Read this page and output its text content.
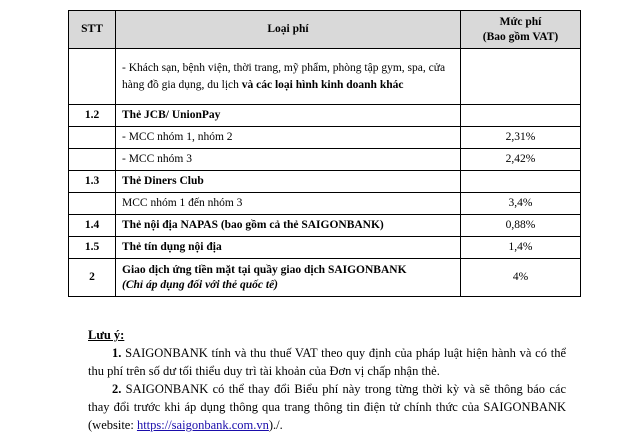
STT	Loại phí	Mức phí
(Bao gồm VAT)

	- Khách sạn, bệnh viện, thời trang, mỹ phẩm, phòng tập gym, spa, cửa hàng đồ gia dụng, du lịch và các loại hình kinh doanh khác	
1.2	Thẻ JCB/ UnionPay	
	- MCC nhóm 1, nhóm 2	2,31%
	- MCC nhóm 3	2,42%
1.3	Thẻ Diners Club	
	MCC nhóm 1 đến nhóm 3	3,4%
1.4	Thẻ nội địa NAPAS (bao gồm cả thẻ SAIGONBANK)	0,88%
1.5	Thẻ tín dụng nội địa	1,4%
2	Giao dịch ứng tiền mặt tại quầy giao dịch SAIGONBANK
(Chỉ áp dụng đối với thẻ quốc tế)	4%

Lưu ý:

1. SAIGONBANK tính và thu thuế VAT theo quy định của pháp luật hiện hành và có thể thu phí trên số dư tối thiểu duy trì tài khoản của Đơn vị chấp nhận thẻ.

2. SAIGONBANK có thể thay đổi Biểu phí này trong từng thời kỳ và sẽ thông báo các thay đổi trước khi áp dụng thông qua trang thông tin điện tử chính thức của SAIGONBANK (website: https://saigonbank.com.vn)./.
